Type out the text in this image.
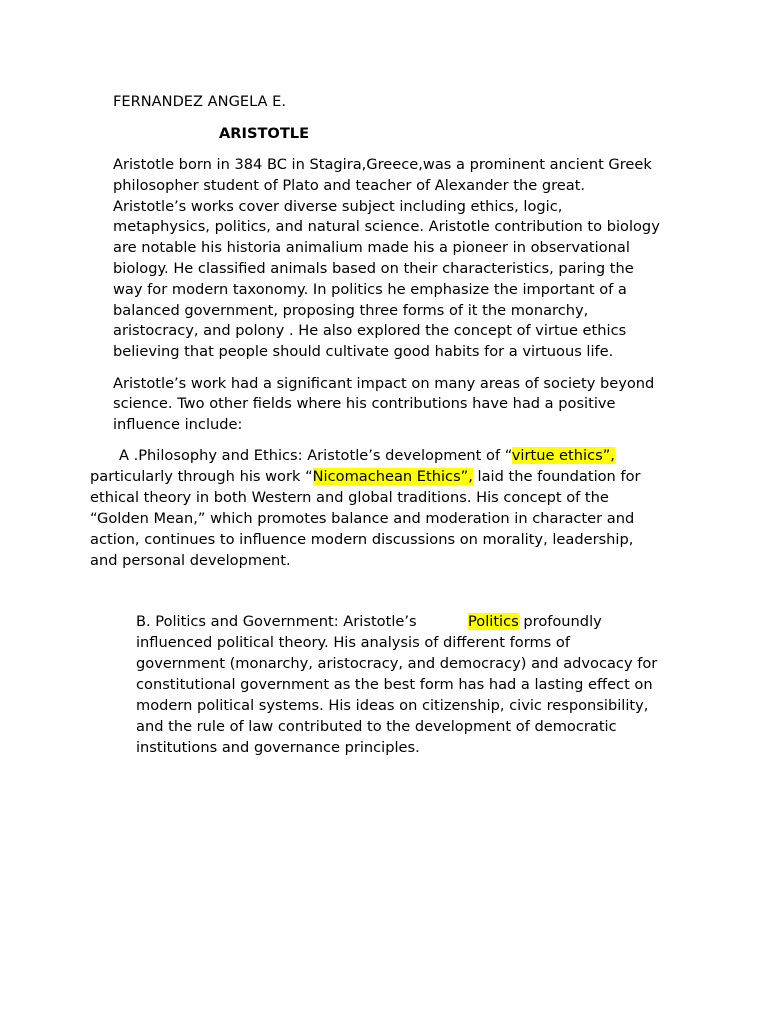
FERNANDEZ ANGELA E.

ARISTOTLE

Aristotle born in 384 BC in Stagira,Greece,was a prominent ancient Greek

philosopher student of Plato and teacher of Alexander the great.

Aristotle’s works cover diverse subject including ethics, logic,

metaphysics, politics, and natural science. Aristotle contribution to biology

are notable his historia animalium made his a pioneer in observational

biology. He classified animals based on their characteristics, paring the

way for modern taxonomy. In politics he emphasize the important of a

balanced government, proposing three forms of it the monarchy,

aristocracy, and polony . He also explored the concept of virtue ethics

believing that people should cultivate good habits for a virtuous life.

Aristotle’s work had a significant impact on many areas of society beyond

science. Two other fields where his contributions have had a positive

influence include:

A .Philosophy and Ethics: Aristotle’s development of “virtue ethics”,

particularly through his work “Nicomachean Ethics”, laid the foundation for

ethical theory in both Western and global traditions. His concept of the

“Golden Mean,” which promotes balance and moderation in character and

action, continues to influence modern discussions on morality, leadership,

and personal development.

B. Politics and Government: Aristotle’s	Politics profoundly

influenced political theory. His analysis of different forms of

government (monarchy, aristocracy, and democracy) and advocacy for

constitutional government as the best form has had a lasting effect on

modern political systems. His ideas on citizenship, civic responsibility,

and the rule of law contributed to the development of democratic

institutions and governance principles.
